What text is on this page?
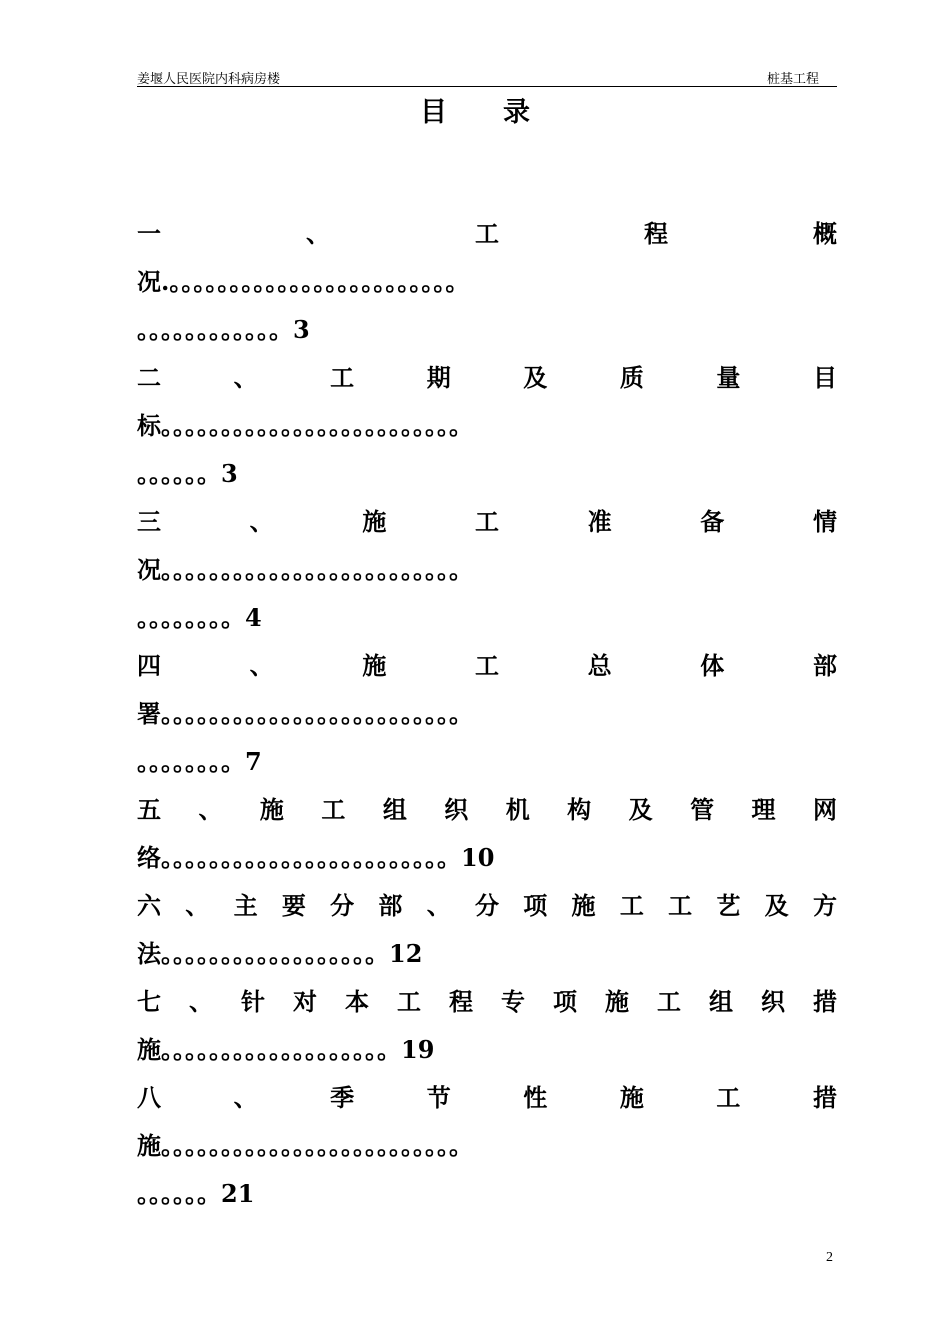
姜堰人民医院内科病房楼	桩基工程
目录
一	、	工	程	概
况.。。。。。。。。。。。。。。。。。。。。。。。。
。。。。。。。。。。。。3
二	、	工	期	及	质	量	目
标。。。。。。。。。。。。。。。。。。。。。。。。。
。。。。。。3
三	、	施	工	准	备	情
况。。。。。。。。。。。。。。。。。。。。。。。。。
。。。。。。。。4
四	、	施	工	总	体	部
署。。。。。。。。。。。。。。。。。。。。。。。。。
。。。。。。。。7
五 、 施 工 组 织 机 构 及 管 理 网
络。。。。。。。。。。。。。。。。。。。。。。。。10
六 、 主 要 分 部 、 分 项 施 工 工 艺 及 方
法。。。。。。。。。。。。。。。。。。12
七 、 针 对 本 工 程 专 项 施 工 组 织 措
施。。。。。。。。。。。。。。。。。。。19
八	、	季	节	性	施	工	措
施。。。。。。。。。。。。。。。。。。。。。。。。。
。。。。。。21
2
